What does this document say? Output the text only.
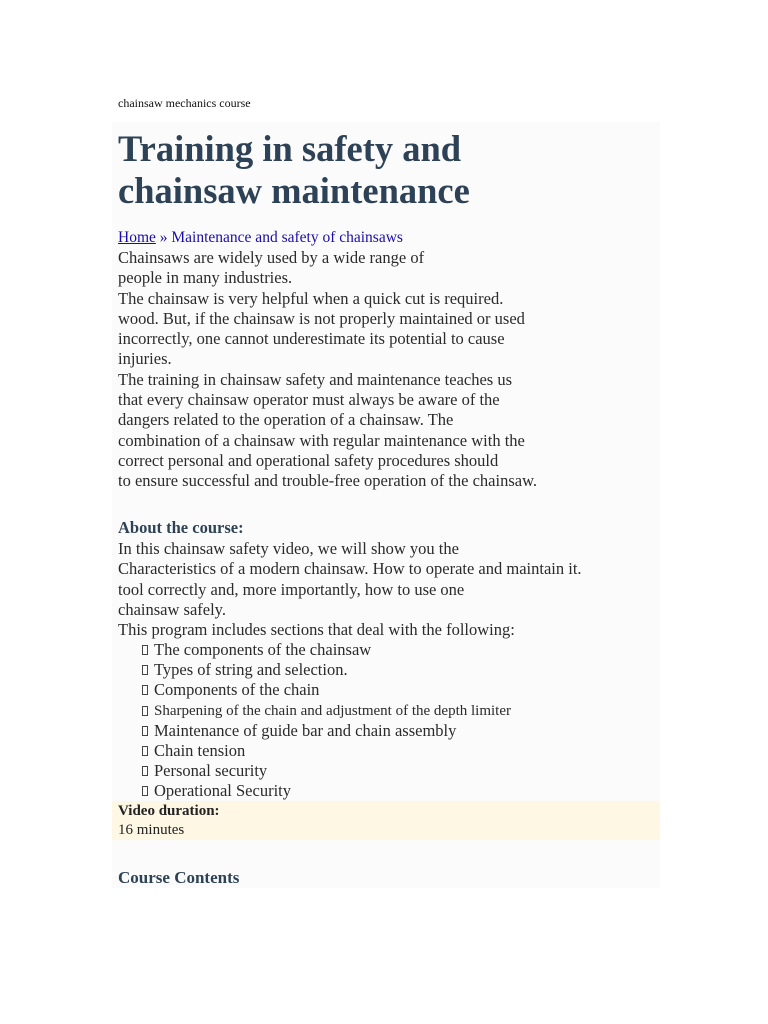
chainsaw mechanics course
Training in safety and
chainsaw maintenance
Home » Maintenance and safety of chainsaws
Chainsaws are widely used by a wide range of
people in many industries.
The chainsaw is very helpful when a quick cut is required.
wood. But, if the chainsaw is not properly maintained or used
incorrectly, one cannot underestimate its potential to cause
injuries.
The training in chainsaw safety and maintenance teaches us
that every chainsaw operator must always be aware of the
dangers related to the operation of a chainsaw. The
combination of a chainsaw with regular maintenance with the
correct personal and operational safety procedures should
to ensure successful and trouble-free operation of the chainsaw.
About the course:
In this chainsaw safety video, we will show you the
Characteristics of a modern chainsaw. How to operate and maintain it.
tool correctly and, more importantly, how to use one
chainsaw safely.
This program includes sections that deal with the following:
The components of the chainsaw
Types of string and selection.
Components of the chain
Sharpening of the chain and adjustment of the depth limiter
Maintenance of guide bar and chain assembly
Chain tension
Personal security
Operational Security
Video duration:
16 minutes
Course Contents
